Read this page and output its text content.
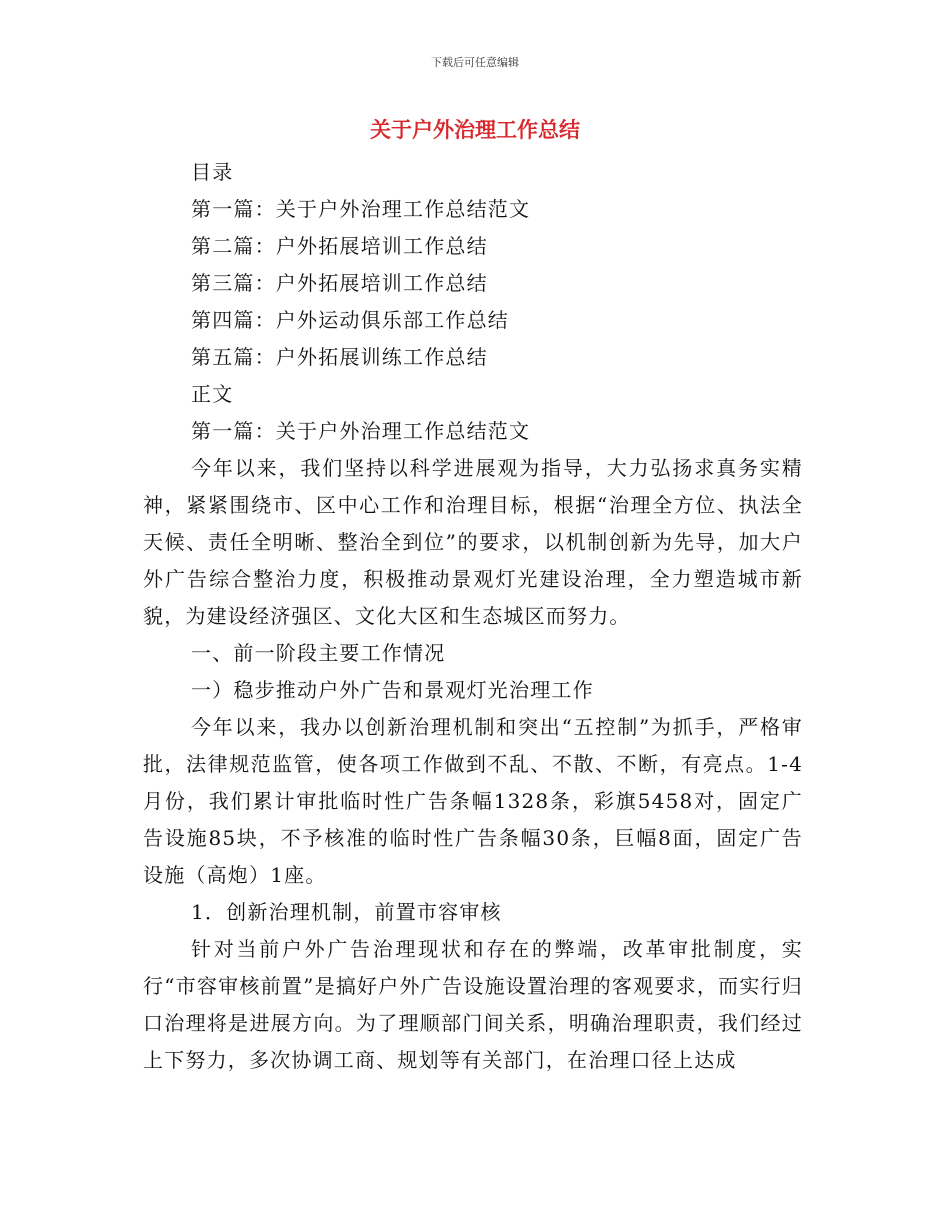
下载后可任意编辑
关于户外治理工作总结

目录

第一篇：关于户外治理工作总结范文

第二篇：户外拓展培训工作总结

第三篇：户外拓展培训工作总结

第四篇：户外运动俱乐部工作总结

第五篇：户外拓展训练工作总结

正文

第一篇：关于户外治理工作总结范文

今年以来，我们坚持以科学进展观为指导，大力弘扬求真务实精神，紧紧围绕市、区中心工作和治理目标，根据“治理全方位、执法全天候、责任全明晰、整治全到位”的要求，以机制创新为先导，加大户外广告综合整治力度，积极推动景观灯光建设治理，全力塑造城市新貌，为建设经济强区、文化大区和生态城区而努力。

一、前一阶段主要工作情况

一）稳步推动户外广告和景观灯光治理工作

今年以来，我办以创新治理机制和突出“五控制”为抓手，严格审批，法律规范监管，使各项工作做到不乱、不散、不断，有亮点。1-4月份，我们累计审批临时性广告条幅1328条，彩旗5458对，固定广告设施85块，不予核准的临时性广告条幅30条，巨幅8面，固定广告设施（高炮）1座。

1．创新治理机制，前置市容审核

针对当前户外广告治理现状和存在的弊端，改革审批制度，实行“市容审核前置”是搞好户外广告设施设置治理的客观要求，而实行归口治理将是进展方向。为了理顺部门间关系，明确治理职责，我们经过上下努力，多次协调工商、规划等有关部门，在治理口径上达成
